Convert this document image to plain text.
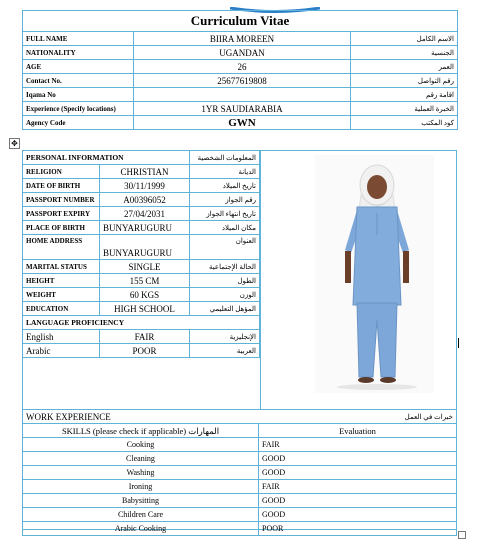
Curriculum Vitae		
FULL NAME	BIIRA MOREEN	الاسم الكامل
NATIONALITY	UGANDAN	الجنسية
AGE	26	العمر
Contact No.	25677619808	رقم التواصل
Iqama No		اقامة رقم
Experience (Specify locations)	1YR SAUDIARABIA	الخبرة العملية
Agency Code	GWN	كود المكتب
✥
PERSONAL INFORMATION		المعلومات الشخصية
RELIGION	CHRISTIAN	الديانة
DATE OF BIRTH	30/11/1999	تاريخ الميلاد
PASSPORT NUMBER	A00396052	رقم الجواز
PASSPORT EXPIRY	27/04/2031	تاريخ انتهاء الجواز
PLACE OF BIRTH	BUNYARUGURU	مكان الميلاد
HOME ADDRESS	BUNYARUGURU	العنوان
MARITAL STATUS	SINGLE	الحالة الإجتماعية
HEIGHT	155 CM	الطول
WEIGHT	60 KGS	الوزن
EDUCATION	HIGH SCHOOL	المؤهل التعليمي
LANGUAGE PROFICIENCY		
English	FAIR	الإنجليزية
Arabic	POOR	العربية
WORK EXPERIENCE	خبرات في العمل
SKILLS (please check if applicable) المهارات	Evaluation
Cooking	FAIR
Cleaning	GOOD
Washing	GOOD
Ironing	FAIR
Babysitting	GOOD
Children Care	GOOD
Arabic Cooking	POOR
